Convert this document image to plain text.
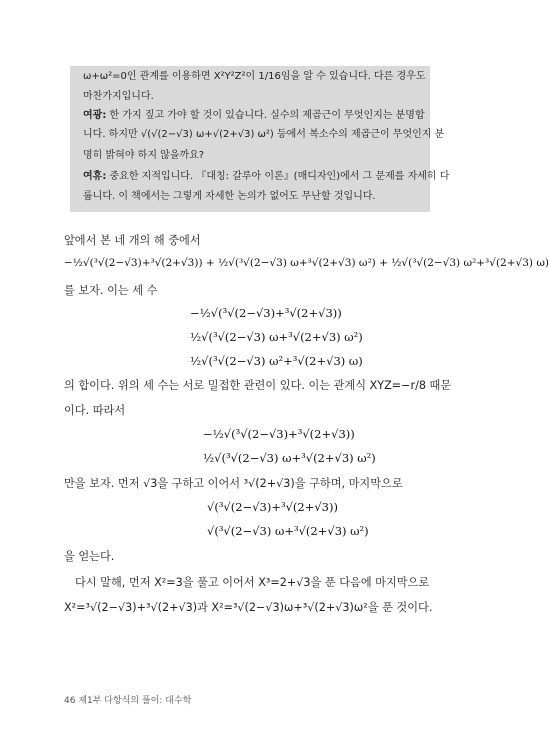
ω+ω²=0인 관계를 이용하면 X²Y²Z²이 1/16임을 알 수 있습니다. 다른 경우도
마찬가지입니다.
여광: 한 가지 짚고 가야 할 것이 있습니다. 실수의 제곱근이 무엇인지는 분명합
니다. 하지만 √(√(2−√3) ω+√(2+√3) ω²) 등에서 복소수의 제곱근이 무엇인지 분
명히 밝혀야 하지 않을까요?
여휴: 중요한 지적입니다. 『대칭: 갈루아 이론』(매디자인)에서 그 문제를 자세히 다
룹니다. 이 책에서는 그렇게 자세한 논의가 없어도 무난할 것입니다.
앞에서 본 네 개의 해 중에서
−½√(³√(2−√3)+³√(2+√3)) + ½√(³√(2−√3) ω+³√(2+√3) ω²) + ½√(³√(2−√3) ω²+³√(2+√3) ω)
를 보자. 이는 세 수
−½√(³√(2−√3)+³√(2+√3))
½√(³√(2−√3) ω+³√(2+√3) ω²)
½√(³√(2−√3) ω²+³√(2+√3) ω)
의 합이다. 위의 세 수는 서로 밀접한 관련이 있다. 이는 관계식 XYZ=−r/8 때문
이다. 따라서
−½√(³√(2−√3)+³√(2+√3))
½√(³√(2−√3) ω+³√(2+√3) ω²)
만을 보자. 먼저 √3을 구하고 이어서 ³√(2+√3)을 구하며, 마지막으로
√(³√(2−√3)+³√(2+√3))
√(³√(2−√3) ω+³√(2+√3) ω²)
을 얻는다.
다시 말해, 먼저 X²=3을 풀고 이어서 X³=2+√3을 푼 다음에 마지막으로
X²=³√(2−√3)+³√(2+√3)과 X²=³√(2−√3)ω+³√(2+√3)ω²을 푼 것이다.
46 제1부 다항식의 풀이: 대수학
